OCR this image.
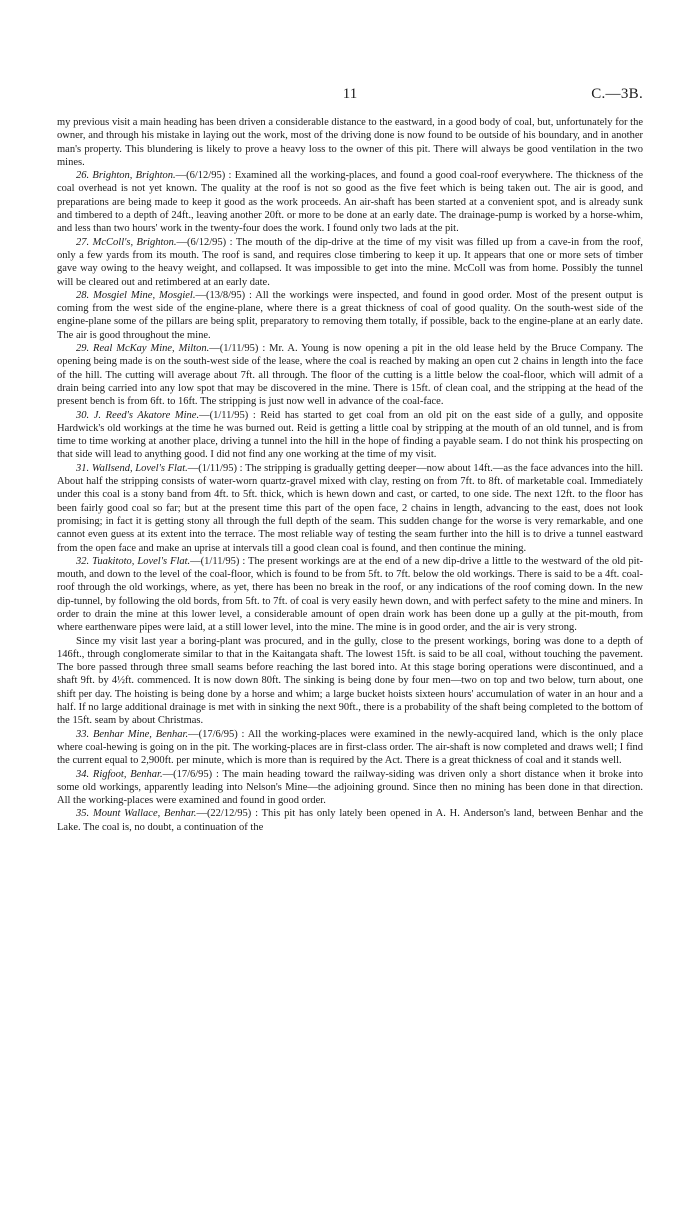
11	C.—3B.

my previous visit a main heading has been driven a considerable distance to the eastward, in a good body of coal, but, unfortunately for the owner, and through his mistake in laying out the work, most of the driving done is now found to be outside of his boundary, and in another man's property. This blundering is likely to prove a heavy loss to the owner of this pit. There will always be good ventilation in the two mines.

26. Brighton, Brighton.—(6/12/95) : Examined all the working-places, and found a good coal-roof everywhere. The thickness of the coal overhead is not yet known. The quality at the roof is not so good as the five feet which is being taken out. The air is good, and preparations are being made to keep it good as the work proceeds. An air-shaft has been started at a convenient spot, and is already sunk and timbered to a depth of 24ft., leaving another 20ft. or more to be done at an early date. The drainage-pump is worked by a horse-whim, and less than two hours' work in the twenty-four does the work. I found only two lads at the pit.

27. McColl's, Brighton.—(6/12/95) : The mouth of the dip-drive at the time of my visit was filled up from a cave-in from the roof, only a few yards from its mouth. The roof is sand, and requires close timbering to keep it up. It appears that one or more sets of timber gave way owing to the heavy weight, and collapsed. It was impossible to get into the mine. McColl was from home. Possibly the tunnel will be cleared out and retimbered at an early date.

28. Mosgiel Mine, Mosgiel.—(13/8/95) : All the workings were inspected, and found in good order. Most of the present output is coming from the west side of the engine-plane, where there is a great thickness of coal of good quality. On the south-west side of the engine-plane some of the pillars are being split, preparatory to removing them totally, if possible, back to the engine-plane at an early date. The air is good throughout the mine.

29. Real McKay Mine, Milton.—(1/11/95) : Mr. A. Young is now opening a pit in the old lease held by the Bruce Company. The opening being made is on the south-west side of the lease, where the coal is reached by making an open cut 2 chains in length into the face of the hill. The cutting will average about 7ft. all through. The floor of the cutting is a little below the coal-floor, which will admit of a drain being carried into any low spot that may be discovered in the mine. There is 15ft. of clean coal, and the stripping at the head of the present bench is from 6ft. to 16ft. The stripping is just now well in advance of the coal-face.

30. J. Reed's Akatore Mine.—(1/11/95) : Reid has started to get coal from an old pit on the east side of a gully, and opposite Hardwick's old workings at the time he was burned out. Reid is getting a little coal by stripping at the mouth of an old tunnel, and is from time to time working at another place, driving a tunnel into the hill in the hope of finding a payable seam. I do not think his prospecting on that side will lead to anything good. I did not find any one working at the time of my visit.

31. Wallsend, Lovel's Flat.—(1/11/95) : The stripping is gradually getting deeper—now about 14ft.—as the face advances into the hill. About half the stripping consists of water-worn quartz-gravel mixed with clay, resting on from 7ft. to 8ft. of marketable coal. Immediately under this coal is a stony band from 4ft. to 5ft. thick, which is hewn down and cast, or carted, to one side. The next 12ft. to the floor has been fairly good coal so far; but at the present time this part of the open face, 2 chains in length, advancing to the east, does not look promising; in fact it is getting stony all through the full depth of the seam. This sudden change for the worse is very remarkable, and one cannot even guess at its extent into the terrace. The most reliable way of testing the seam further into the hill is to drive a tunnel eastward from the open face and make an uprise at intervals till a good clean coal is found, and then continue the mining.

32. Tuakitoto, Lovel's Flat.—(1/11/95) : The present workings are at the end of a new dip-drive a little to the westward of the old pit-mouth, and down to the level of the coal-floor, which is found to be from 5ft. to 7ft. below the old workings. There is said to be a 4ft. coal-roof through the old workings, where, as yet, there has been no break in the roof, or any indications of the roof coming down. In the new dip-tunnel, by following the old bords, from 5ft. to 7ft. of coal is very easily hewn down, and with perfect safety to the mine and miners. In order to drain the mine at this lower level, a considerable amount of open drain work has been done up a gully at the pit-mouth, from where earthenware pipes were laid, at a still lower level, into the mine. The mine is in good order, and the air is very strong.

Since my visit last year a boring-plant was procured, and in the gully, close to the present workings, boring was done to a depth of 146ft., through conglomerate similar to that in the Kaitangata shaft. The lowest 15ft. is said to be all coal, without touching the pavement. The bore passed through three small seams before reaching the last bored into. At this stage boring operations were discontinued, and a shaft 9ft. by 4½ft. commenced. It is now down 80ft. The sinking is being done by four men—two on top and two below, turn about, one shift per day. The hoisting is being done by a horse and whim; a large bucket hoists sixteen hours' accumulation of water in an hour and a half. If no large additional drainage is met with in sinking the next 90ft., there is a probability of the shaft being completed to the bottom of the 15ft. seam by about Christmas.

33. Benhar Mine, Benhar.—(17/6/95) : All the working-places were examined in the newly-acquired land, which is the only place where coal-hewing is going on in the pit. The working-places are in first-class order. The air-shaft is now completed and draws well; I find the current equal to 2,900ft. per minute, which is more than is required by the Act. There is a great thickness of coal and it stands well.

34. Rigfoot, Benhar.—(17/6/95) : The main heading toward the railway-siding was driven only a short distance when it broke into some old workings, apparently leading into Nelson's Mine—the adjoining ground. Since then no mining has been done in that direction. All the working-places were examined and found in good order.

35. Mount Wallace, Benhar.—(22/12/95) : This pit has only lately been opened in A. H. Anderson's land, between Benhar and the Lake. The coal is, no doubt, a continuation of the
